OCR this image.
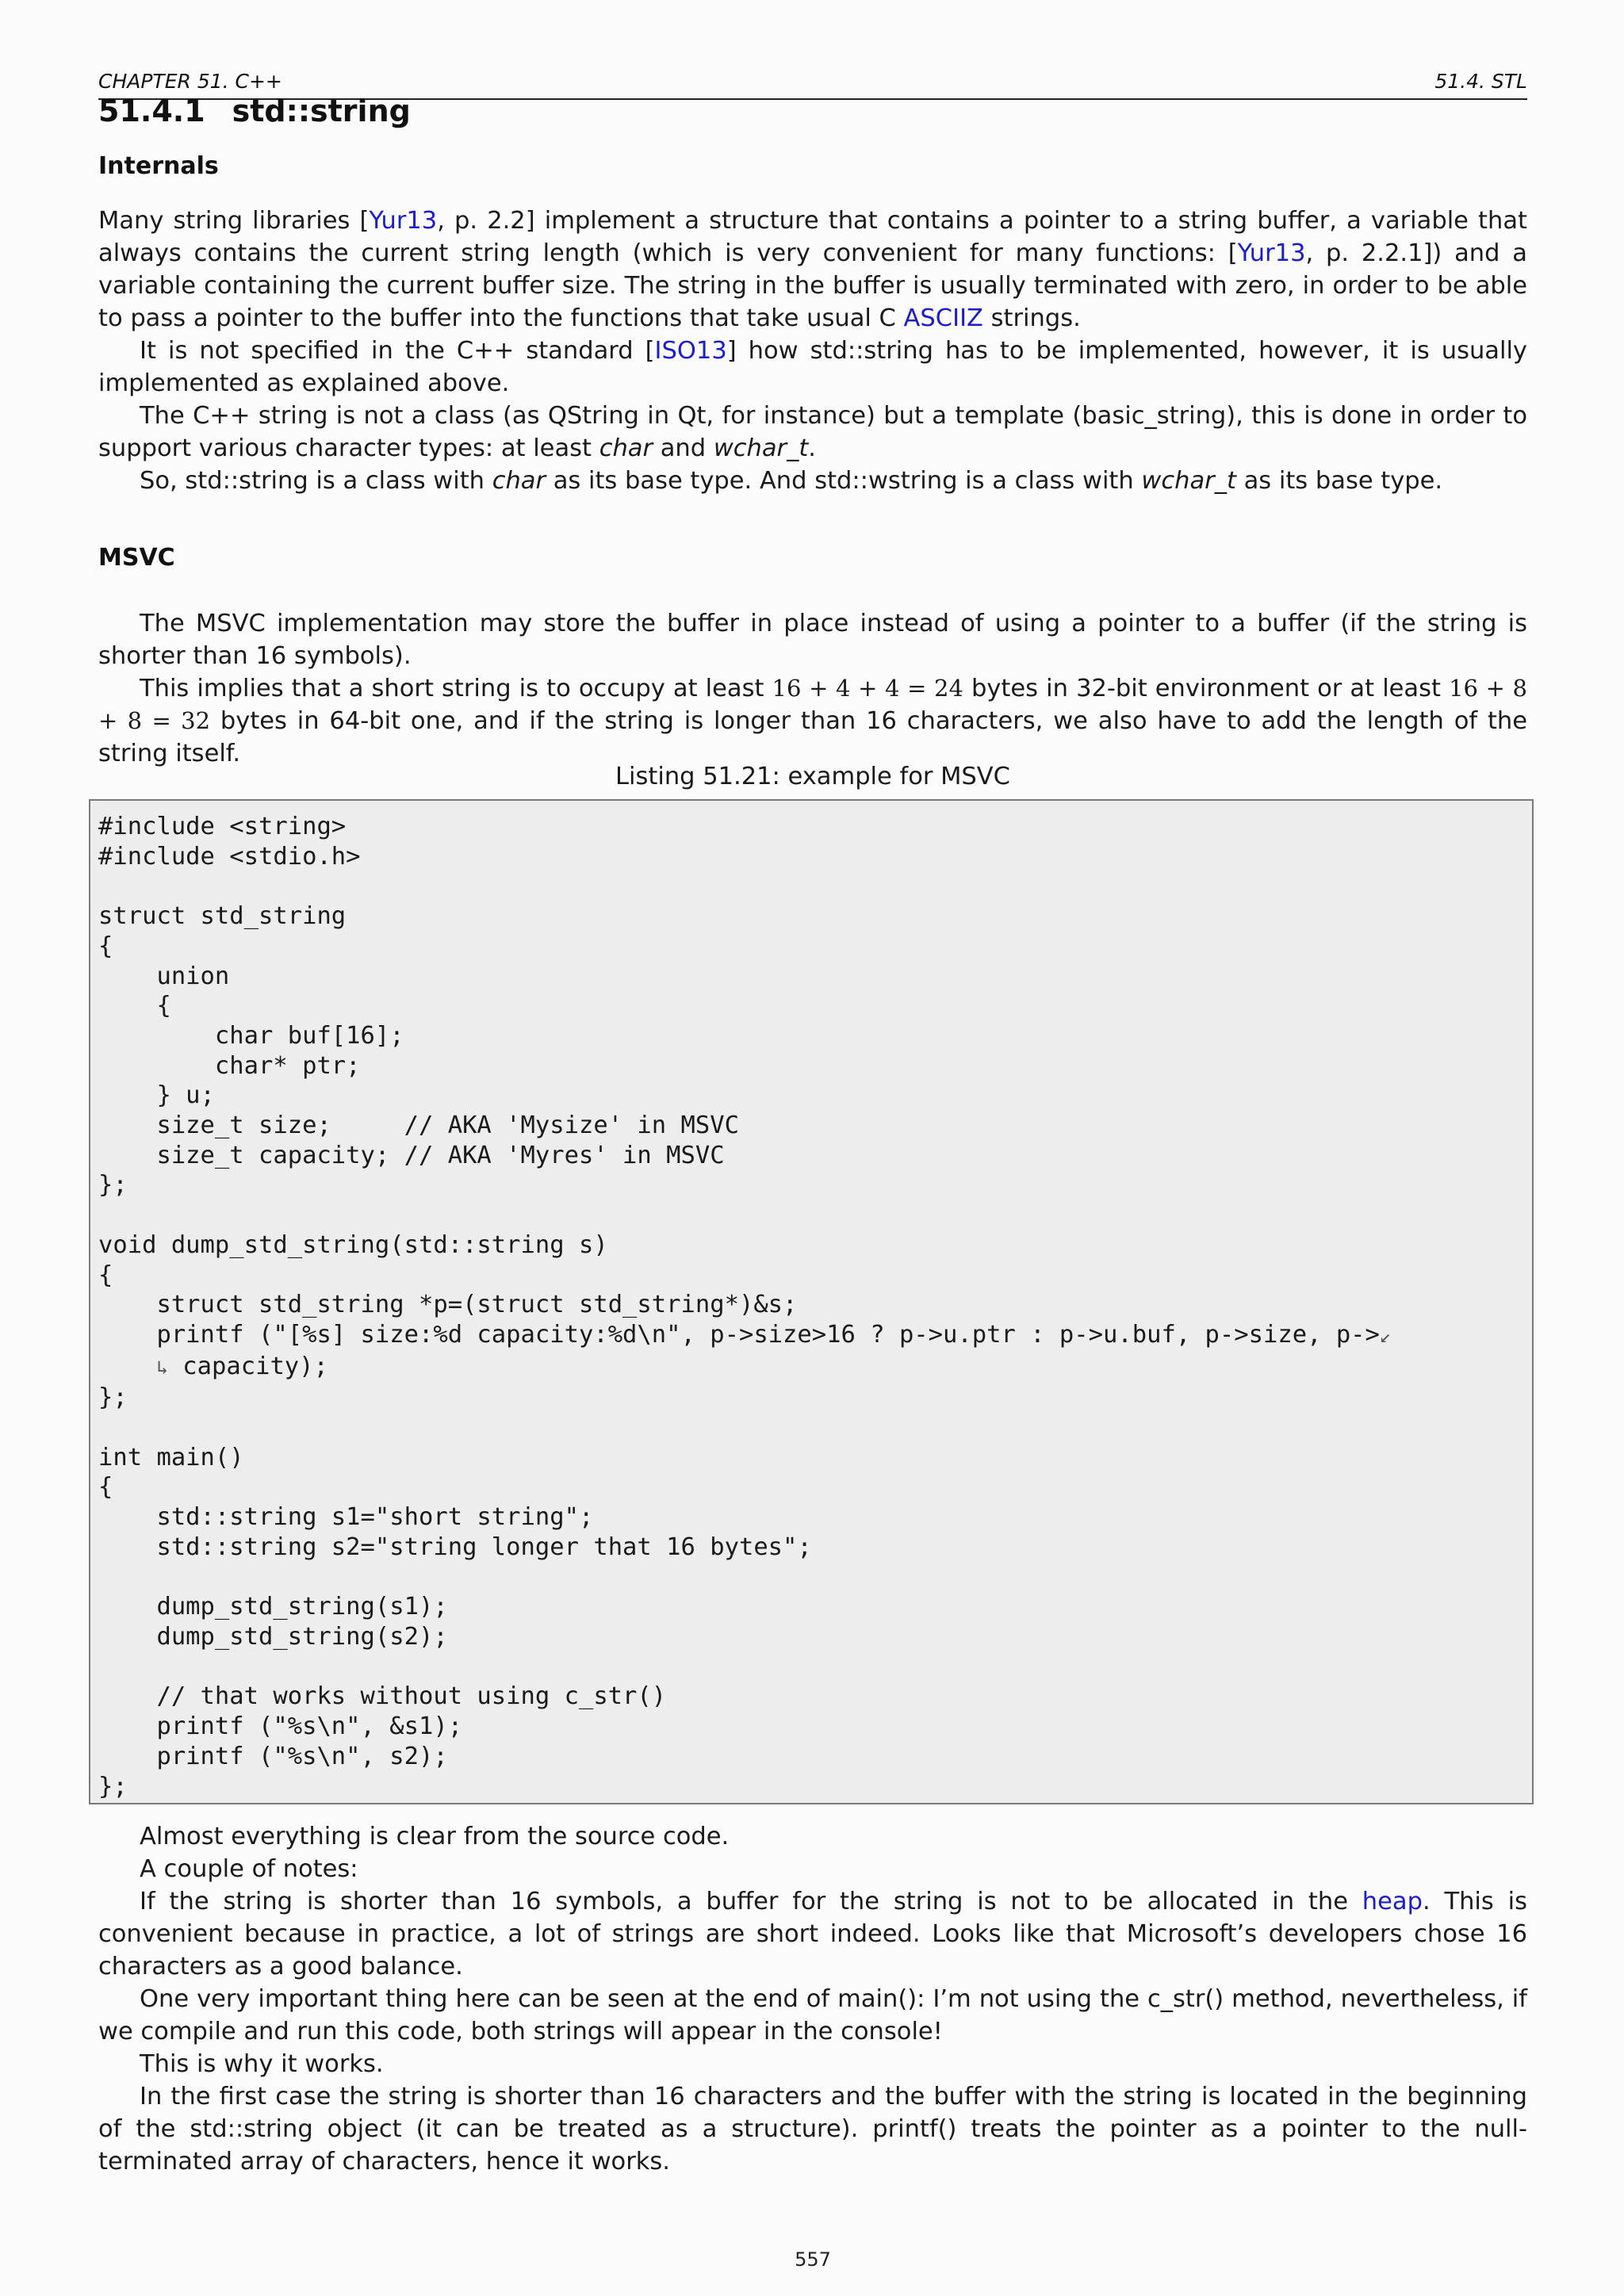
CHAPTER 51. C++	51.4. STL
51.4.1 std::string
Internals

Many string libraries [Yur13, p. 2.2] implement a structure that contains a pointer to a string buffer, a variable that always contains the current string length (which is very convenient for many functions: [Yur13, p. 2.2.1]) and a variable containing the current buffer size. The string in the buffer is usually terminated with zero, in order to be able to pass a pointer to the buffer into the functions that take usual C ASCIIZ strings.

It is not specified in the C++ standard [ISO13] how std::string has to be implemented, however, it is usually implemented as explained above.

The C++ string is not a class (as QString in Qt, for instance) but a template (basic_string), this is done in order to support various character types: at least char and wchar_t.

So, std::string is a class with char as its base type. And std::wstring is a class with wchar_t as its base type.

MSVC

The MSVC implementation may store the buffer in place instead of using a pointer to a buffer (if the string is shorter than 16 symbols).

This implies that a short string is to occupy at least 16 + 4 + 4 = 24 bytes in 32-bit environment or at least 16 + 8 + 8 = 32 bytes in 64-bit one, and if the string is longer than 16 characters, we also have to add the length of the string itself.

Listing 51.21: example for MSVC
#include <string>
#include <stdio.h>

struct std_string
{
union
{
char buf[16];
char* ptr;
} u;
size_t size;     // AKA 'Mysize' in MSVC
size_t capacity; // AKA 'Myres' in MSVC
};

void dump_std_string(std::string s)
{
struct std_string *p=(struct std_string*)&s;
printf ("[%s] size:%d capacity:%d\n", p->size>16 ? p->u.ptr : p->u.buf, p->size, p->↙
↳ capacity);
};

int main()
{
std::string s1="short string";
std::string s2="string longer that 16 bytes";

dump_std_string(s1);
dump_std_string(s2);

// that works without using c_str()
printf ("%s\n", &s1);
printf ("%s\n", s2);
};

Almost everything is clear from the source code.

A couple of notes:

If the string is shorter than 16 symbols, a buffer for the string is not to be allocated in the heap. This is convenient because in practice, a lot of strings are short indeed. Looks like that Microsoft’s developers chose 16 characters as a good balance.

One very important thing here can be seen at the end of main(): I’m not using the c_str() method, nevertheless, if we compile and run this code, both strings will appear in the console!

This is why it works.

In the first case the string is shorter than 16 characters and the buffer with the string is located in the beginning of the std::string object (it can be treated as a structure). printf() treats the pointer as a pointer to the null-terminated array of characters, hence it works.

557
